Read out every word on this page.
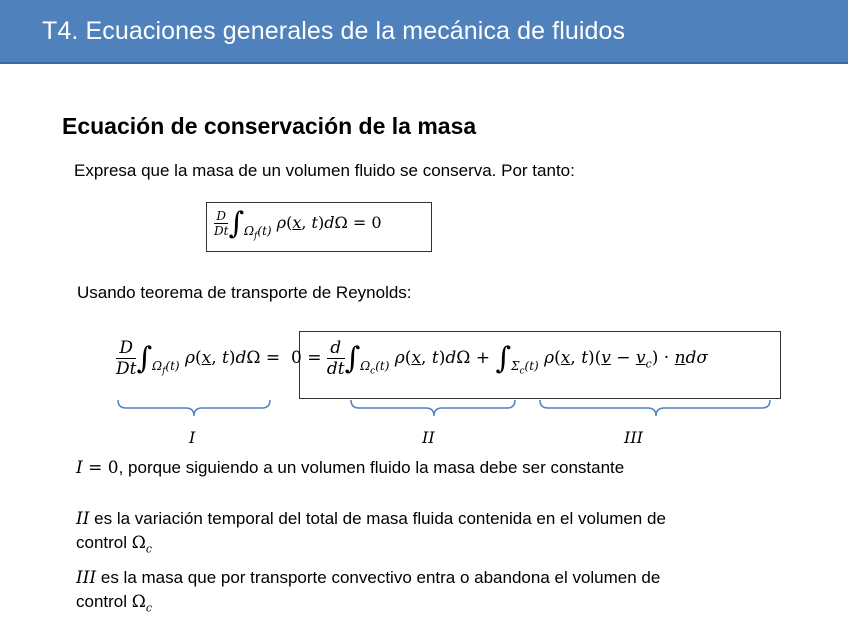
T4. Ecuaciones generales de la mecánica de fluidos
Ecuación de conservación de la masa
Expresa que la masa de un volumen fluido se conserva. Por tanto:
$\frac{D}{Dt} \int_{\Omega_f(t)}$ ρ(x, t)dΩ = 0
Usando teorema de transporte de Reynolds:
$\frac{D}{Dt} \int_{\Omega_f(t)}$ ρ(x, $t)d\Omega = 0 = \frac{d}{dt} \int_{\Omega_c(t)}$ ρ(x, $t)d\Omega + \int_{\Sigma_c(t)}$ ρ(x, $t)(v - v_c) \cdot nd\sigma$
I	II	III
I = 0, porque siguiendo a un volumen fluido la masa debe ser constante
II es la variación temporal del total de masa fluida contenida en el volumen de
control $\Omega_c$
III es la masa que por transporte convectivo entra o abandona el volumen de
control $\Omega_c$
